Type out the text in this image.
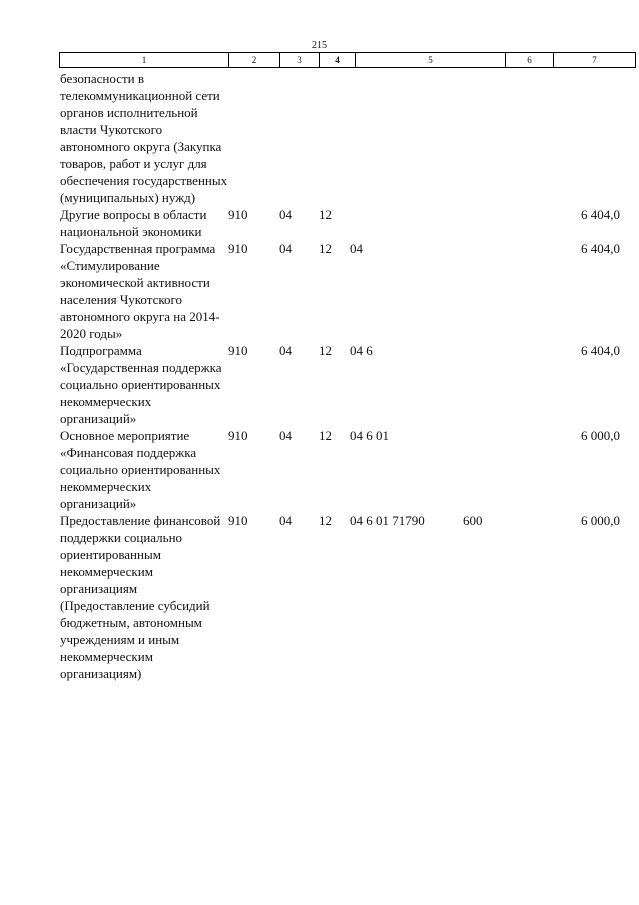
215
1	2	3	4	5	6	7
безопасности в телекоммуникационной сети органов исполнительной власти Чукотского автономного округа (Закупка товаров, работ и услуг для обеспечения государственных (муниципальных) нужд)						
Другие вопросы в области национальной экономики	910	04	12			6 404,0
Государственная программа «Стимулирование экономической активности населения Чукотского автономного округа на 2014-2020 годы»	910	04	12	04		6 404,0
Подпрограмма «Государственная поддержка социально ориентированных некоммерческих организаций»	910	04	12	04 6		6 404,0
Основное мероприятие «Финансовая поддержка социально ориентированных некоммерческих организаций»	910	04	12	04 6 01		6 000,0
Предоставление финансовой поддержки социально ориентированным некоммерческим организациям (Предоставление субсидий бюджетным, автономным учреждениям и иным некоммерческим организациям)	910	04	12	04 6 01 71790	600	6 000,0
